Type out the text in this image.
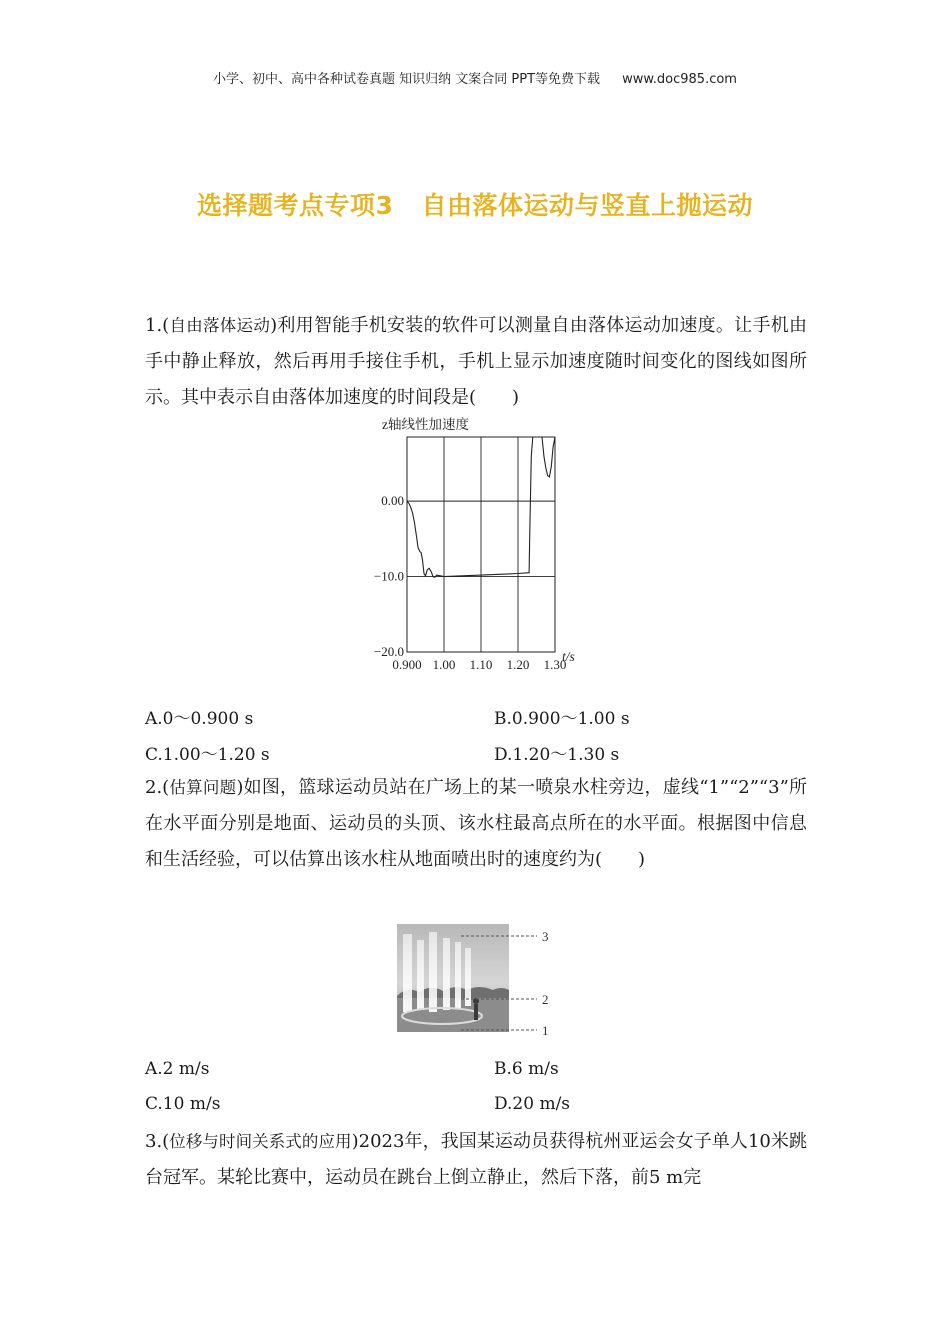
小学、初中、高中各种试卷真题 知识归纳 文案合同 PPT等免费下载 www.doc985.com
选择题考点专项3 自由落体运动与竖直上抛运动
1.(自由落体运动)利用智能手机安装的软件可以测量自由落体运动加速度。让手机由手中静止释放，然后再用手接住手机，手机上显示加速度随时间变化的图线如图所示。其中表示自由落体加速度的时间段是(　　)
0.900 1.00 1.10 1.20 1.30
0.00
−10.0
−20.0
z轴线性加速度
t/s
A.0～0.900 s	B.0.900～1.00 s
C.1.00～1.20 s	D.1.20～1.30 s
2.(估算问题)如图，篮球运动员站在广场上的某一喷泉水柱旁边，虚线“1”“2”“3”所在水平面分别是地面、运动员的头顶、该水柱最高点所在的水平面。根据图中信息和生活经验，可以估算出该水柱从地面喷出时的速度约为(　　)
3
2
1
A.2 m/s	B.6 m/s
C.10 m/s	D.20 m/s
3.(位移与时间关系式的应用)2023年，我国某运动员获得杭州亚运会女子单人10米跳台冠军。某轮比赛中，运动员在跳台上倒立静止，然后下落，前5 m完
